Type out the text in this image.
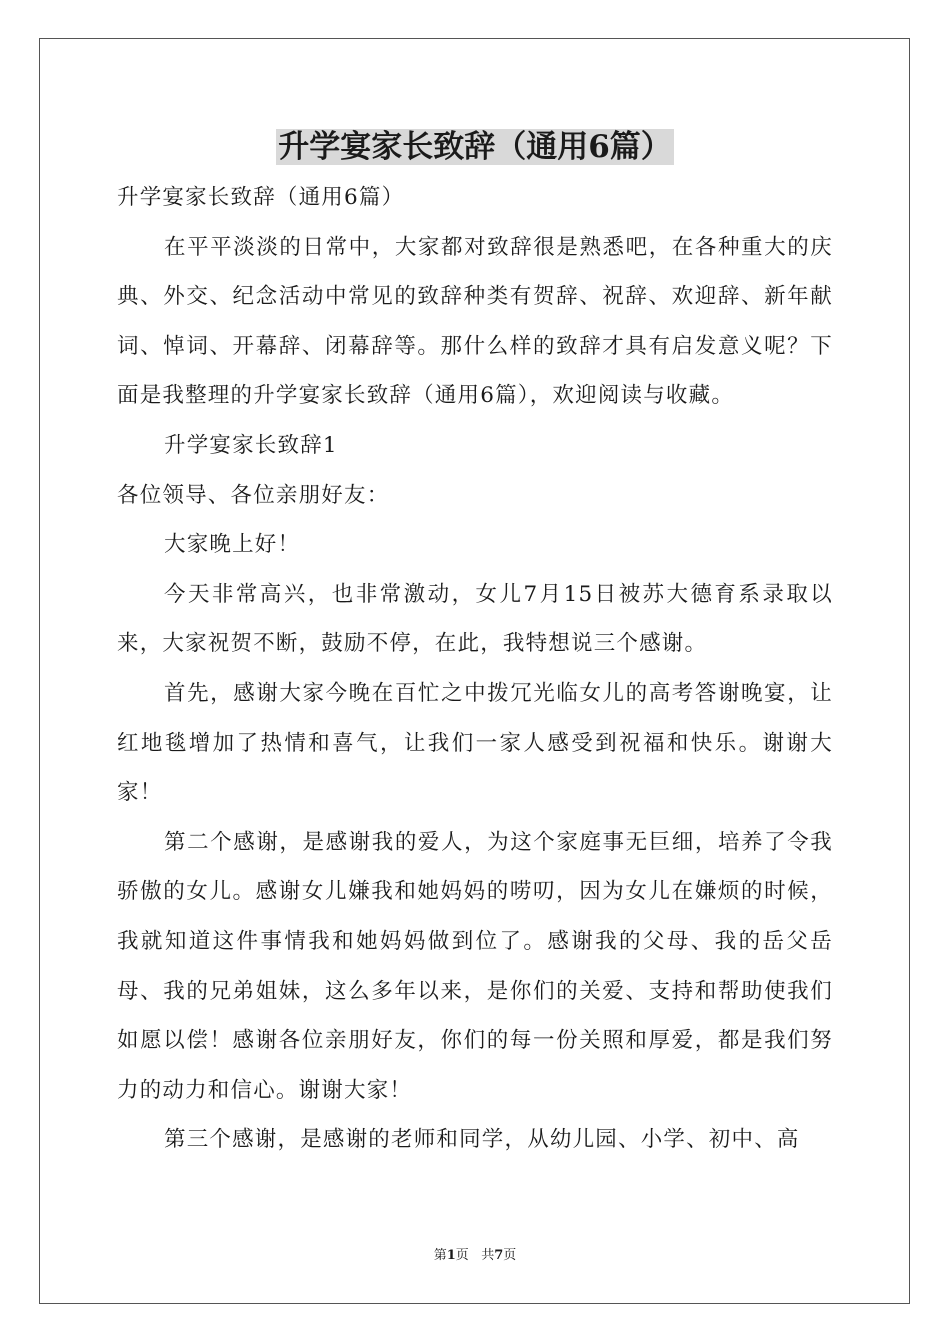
升学宴家长致辞（通用6篇）

升学宴家长致辞（通用6篇）

在平平淡淡的日常中，大家都对致辞很是熟悉吧，在各种重大的庆典、外交、纪念活动中常见的致辞种类有贺辞、祝辞、欢迎辞、新年献词、悼词、开幕辞、闭幕辞等。那什么样的致辞才具有启发意义呢？下面是我整理的升学宴家长致辞（通用6篇），欢迎阅读与收藏。

升学宴家长致辞1

各位领导、各位亲朋好友：

大家晚上好！

今天非常高兴，也非常激动，女儿7月15日被苏大德育系录取以来，大家祝贺不断，鼓励不停，在此，我特想说三个感谢。

首先，感谢大家今晚在百忙之中拨冗光临女儿的高考答谢晚宴，让红地毯增加了热情和喜气，让我们一家人感受到祝福和快乐。谢谢大家！

第二个感谢，是感谢我的爱人，为这个家庭事无巨细，培养了令我骄傲的女儿。感谢女儿嫌我和她妈妈的唠叨，因为女儿在嫌烦的时候，我就知道这件事情我和她妈妈做到位了。感谢我的父母、我的岳父岳母、我的兄弟姐妹，这么多年以来，是你们的关爱、支持和帮助使我们如愿以偿！感谢各位亲朋好友，你们的每一份关照和厚爱，都是我们努力的动力和信心。谢谢大家！

第三个感谢，是感谢的老师和同学，从幼儿园、小学、初中、高

第1页   共7页
